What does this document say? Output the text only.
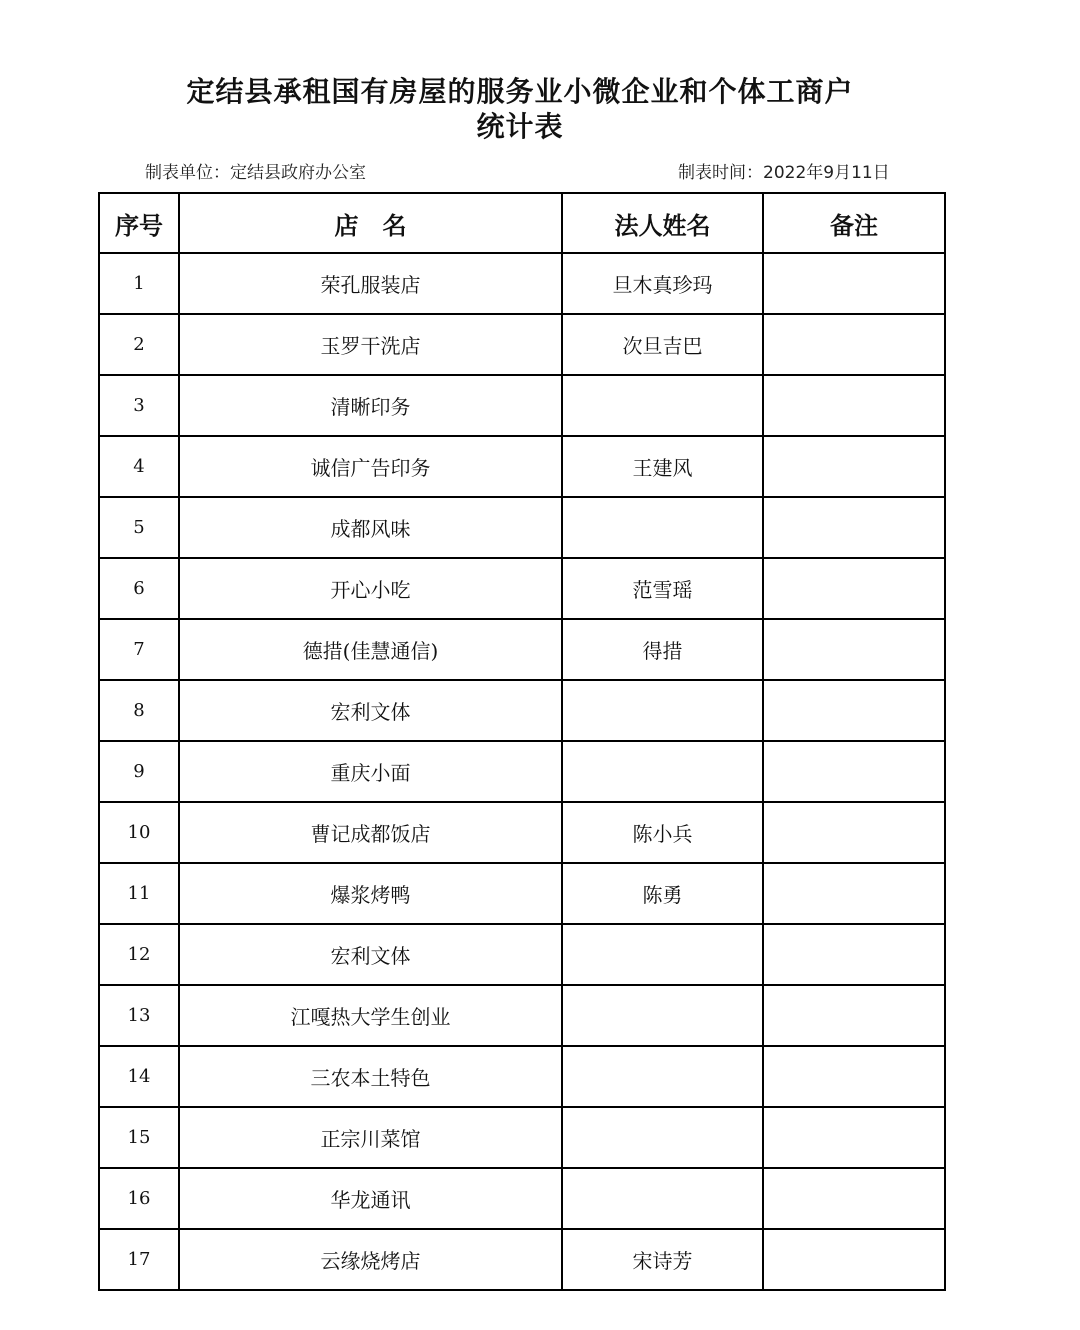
定结县承租国有房屋的服务业小微企业和个体工商户
统计表
制表单位：定结县政府办公室	制表时间：2022年9月11日
序号	店　名	法人姓名	备注
1	荣孔服装店	旦木真珍玛	
2	玉罗干洗店	次旦吉巴	
3	清晰印务		
4	诚信广告印务	王建风	
5	成都风味		
6	开心小吃	范雪瑶	
7	德措(佳慧通信)	得措	
8	宏利文体		
9	重庆小面		
10	曹记成都饭店	陈小兵	
11	爆浆烤鸭	陈勇	
12	宏利文体		
13	江嘎热大学生创业		
14	三农本土特色		
15	正宗川菜馆		
16	华龙通讯		
17	云缘烧烤店	宋诗芳	
